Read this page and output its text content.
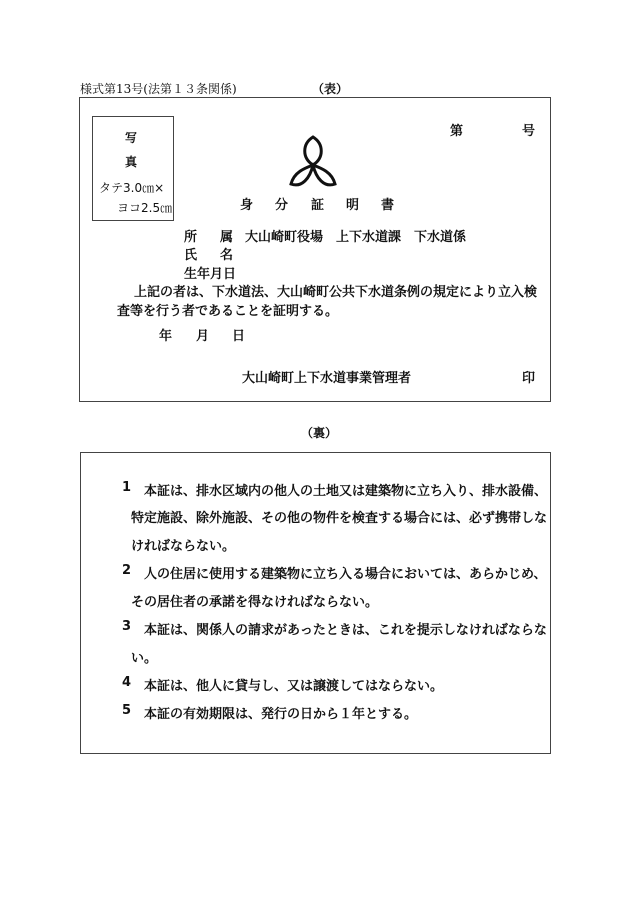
様式第13号(法第１３条関係)	（表）
第	号
写
真
タテ3.0㎝×
ヨコ2.5㎝	身 分 証 明 書
所 属 大山崎町役場　上下水道課　下水道係
氏 名
生年月日
上記の者は、下水道法、大山崎町公共下水道条例の規定により立入検
査等を行う者であることを証明する。
年 月 日
大山崎町上下水道事業管理者	印
（裏）
1 本証は、排水区域内の他人の土地又は建築物に立ち入り、排水設備、
特定施設、除外施設、その他の物件を検査する場合には、必ず携帯しな
ければならない。
2 人の住居に使用する建築物に立ち入る場合においては、あらかじめ、
その居住者の承諾を得なければならない。
3 本証は、関係人の請求があったときは、これを提示しなければならな
い。
4 本証は、他人に貸与し、又は譲渡してはならない。
5 本証の有効期限は、発行の日から１年とする。
